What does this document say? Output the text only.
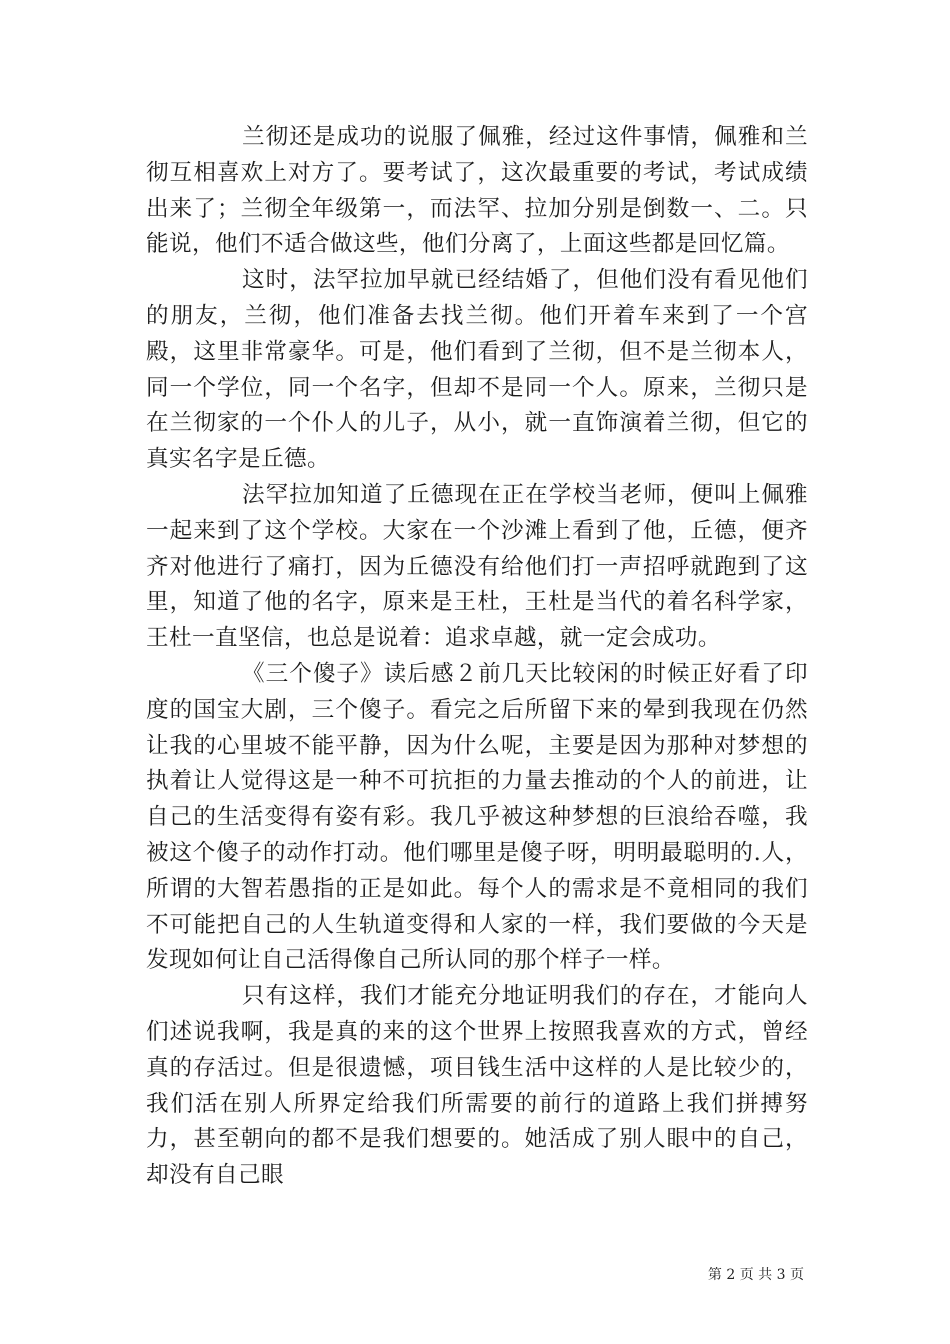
兰彻还是成功的说服了佩雅，经过这件事情，佩雅和兰彻互相喜欢上对方了。要考试了，这次最重要的考试，考试成绩出来了；兰彻全年级第一，而法罕、拉加分别是倒数一、二。只能说，他们不适合做这些，他们分离了，上面这些都是回忆篇。

这时，法罕拉加早就已经结婚了，但他们没有看见他们的朋友，兰彻，他们准备去找兰彻。他们开着车来到了一个宫殿，这里非常豪华。可是，他们看到了兰彻，但不是兰彻本人，同一个学位，同一个名字，但却不是同一个人。原来，兰彻只是在兰彻家的一个仆人的儿子，从小，就一直饰演着兰彻，但它的真实名字是丘德。

法罕拉加知道了丘德现在正在学校当老师，便叫上佩雅一起来到了这个学校。大家在一个沙滩上看到了他，丘德，便齐齐对他进行了痛打，因为丘德没有给他们打一声招呼就跑到了这里，知道了他的名字，原来是王杜，王杜是当代的着名科学家，王杜一直坚信，也总是说着：追求卓越，就一定会成功。

《三个傻子》读后感２前几天比较闲的时候正好看了印度的国宝大剧，三个傻子。看完之后所留下来的晕到我现在仍然让我的心里坡不能平静，因为什么呢，主要是因为那种对梦想的执着让人觉得这是一种不可抗拒的力量去推动的个人的前进，让自己的生活变得有姿有彩。我几乎被这种梦想的巨浪给吞噬，我被这个傻子的动作打动。他们哪里是傻子呀，明明最聪明的.人，所谓的大智若愚指的正是如此。每个人的需求是不竟相同的我们不可能把自己的人生轨道变得和人家的一样，我们要做的今天是发现如何让自己活得像自己所认同的那个样子一样。

只有这样，我们才能充分地证明我们的存在，才能向人们述说我啊，我是真的来的这个世界上按照我喜欢的方式，曾经真的存活过。但是很遗憾，项目钱生活中这样的人是比较少的，我们活在别人所界定给我们所需要的前行的道路上我们拼搏努力，甚至朝向的都不是我们想要的。她活成了别人眼中的自己，却没有自己眼

第 2 页 共 3 页
